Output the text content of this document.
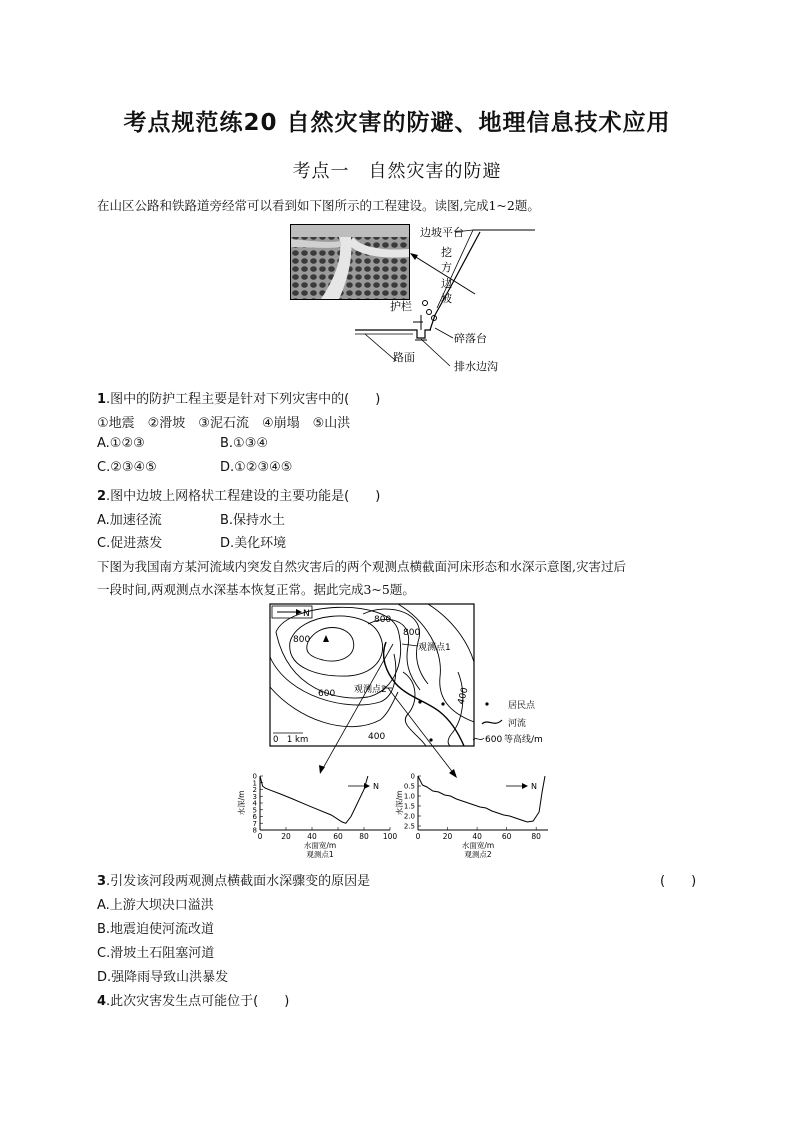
考点规范练20 自然灾害的防避、地理信息技术应用
考点一　自然灾害的防避
在山区公路和铁路道旁经常可以看到如下图所示的工程建设。读图,完成1~2题。
边坡平台
挖
方
边
坡
护栏
碎落台
路面
排水边沟
1.图中的防护工程主要是针对下列灾害中的(　　)
①地震　②滑坡　③泥石流　④崩塌　⑤山洪
A.①②③	B.①③④
C.②③④⑤	D.①②③④⑤
2.图中边坡上网格状工程建设的主要功能是(　　)
A.加速径流	B.保持水土
C.促进蒸发	D.美化环境
下图为我国南方某河流域内突发自然灾害后的两个观测点横截面河床形态和水深示意图,灾害过后
一段时间,两观测点水深基本恢复正常。据此完成3~5题。
N
800
800
800
600
400
400
观测点1
观测点2
0　1 km
居民点
河流
600 等高线/m
0
1
2
3
4
5
6
7
8
0	20 40 60 80 100
水面宽/m
观测点1
水深/m
N
0
0.5
1.0
1.5
2.0
2.5
0	20	40	60	80
水面宽/m
观测点2
水深/m
N
3.引发该河段两观测点横截面水深骤变的原因是	(　　)
A.上游大坝决口溢洪
B.地震迫使河流改道
C.滑坡土石阻塞河道
D.强降雨导致山洪暴发
4.此次灾害发生点可能位于(　　)
